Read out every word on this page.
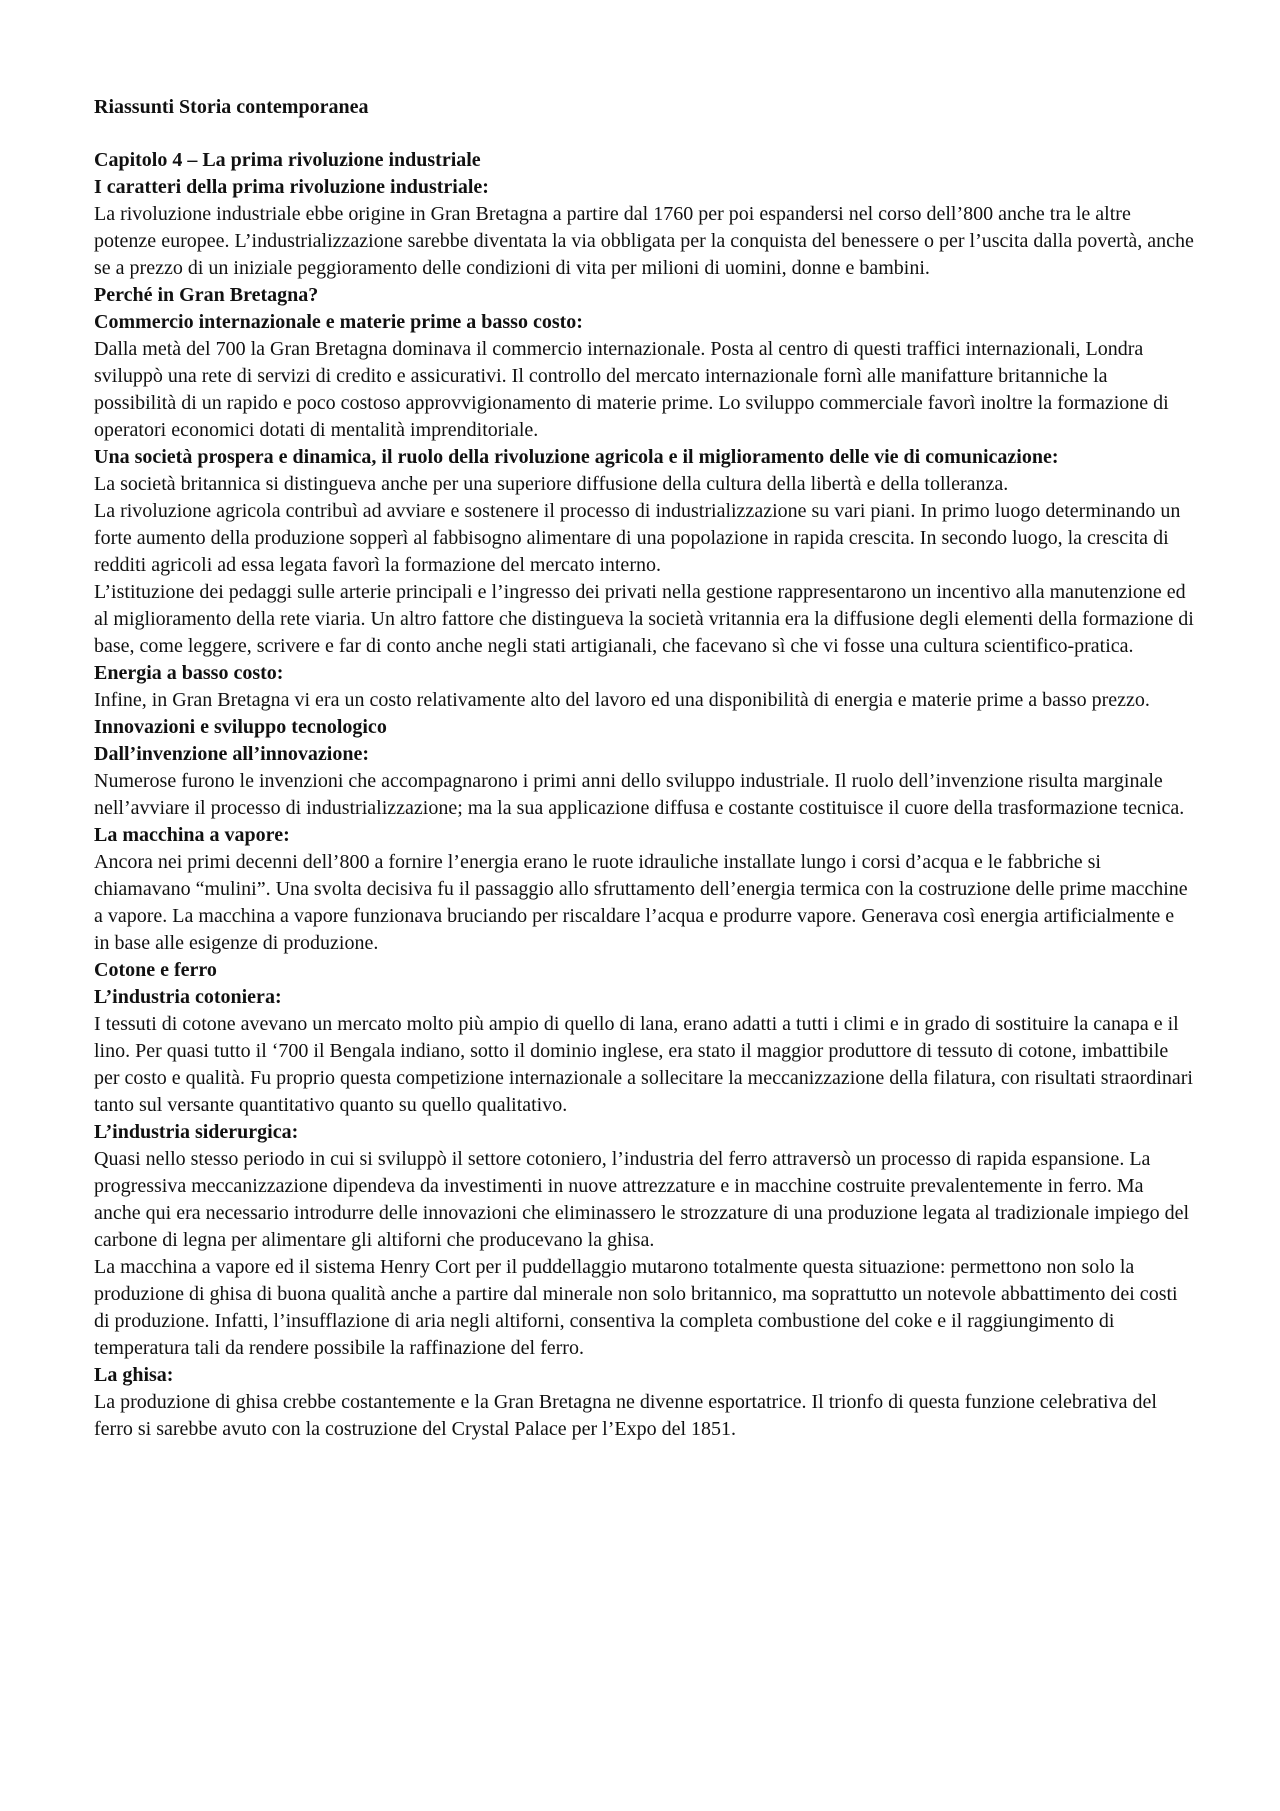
Riassunti Storia contemporanea

Capitolo 4 – La prima rivoluzione industriale

I caratteri della prima rivoluzione industriale:

La rivoluzione industriale ebbe origine in Gran Bretagna a partire dal 1760 per poi espandersi nel corso dell’800 anche tra le altre potenze europee. L’industrializzazione sarebbe diventata la via obbligata per la conquista del benessere o per l’uscita dalla povertà, anche se a prezzo di un iniziale peggioramento delle condizioni di vita per milioni di uomini, donne e bambini.

Perché in Gran Bretagna?

Commercio internazionale e materie prime a basso costo:

Dalla metà del 700 la Gran Bretagna dominava il commercio internazionale. Posta al centro di questi traffici internazionali, Londra sviluppò una rete di servizi di credito e assicurativi. Il controllo del mercato internazionale fornì alle manifatture britanniche la possibilità di un rapido e poco costoso approvvigionamento di materie prime. Lo sviluppo commerciale favorì inoltre la formazione di operatori economici dotati di mentalità imprenditoriale.

Una società prospera e dinamica, il ruolo della rivoluzione agricola e il miglioramento delle vie di comunicazione:

La società britannica si distingueva anche per una superiore diffusione della cultura della libertà e della tolleranza.

La rivoluzione agricola contribuì ad avviare e sostenere il processo di industrializzazione su vari piani. In primo luogo determinando un forte aumento della produzione sopperì al fabbisogno alimentare di una popolazione in rapida crescita. In secondo luogo, la crescita di redditi agricoli ad essa legata favorì la formazione del mercato interno.

L’istituzione dei pedaggi sulle arterie principali e l’ingresso dei privati nella gestione rappresentarono un incentivo alla manutenzione ed al miglioramento della rete viaria. Un altro fattore che distingueva la società vritannia era la diffusione degli elementi della formazione di base, come leggere, scrivere e far di conto anche negli stati artigianali, che facevano sì che vi fosse una cultura scientifico-pratica.

Energia a basso costo:

Infine, in Gran Bretagna vi era un costo relativamente alto del lavoro ed una disponibilità di energia e materie prime a basso prezzo.

Innovazioni e sviluppo tecnologico

Dall’invenzione all’innovazione:

Numerose furono le invenzioni che accompagnarono i primi anni dello sviluppo industriale. Il ruolo dell’invenzione risulta marginale nell’avviare il processo di industrializzazione; ma la sua applicazione diffusa e costante costituisce il cuore della trasformazione tecnica.

La macchina a vapore:

Ancora nei primi decenni dell’800 a fornire l’energia erano le ruote idrauliche installate lungo i corsi d’acqua e le fabbriche si chiamavano “mulini”. Una svolta decisiva fu il passaggio allo sfruttamento dell’energia termica con la costruzione delle prime macchine a vapore. La macchina a vapore funzionava bruciando per riscaldare l’acqua e produrre vapore. Generava così energia artificialmente e in base alle esigenze di produzione.

Cotone e ferro

L’industria cotoniera:

I tessuti di cotone avevano un mercato molto più ampio di quello di lana, erano adatti a tutti i climi e in grado di sostituire la canapa e il lino. Per quasi tutto il ‘700 il Bengala indiano, sotto il dominio inglese, era stato il maggior produttore di tessuto di cotone, imbattibile per costo e qualità. Fu proprio questa competizione internazionale a sollecitare la meccanizzazione della filatura, con risultati straordinari tanto sul versante quantitativo quanto su quello qualitativo.

L’industria siderurgica:

Quasi nello stesso periodo in cui si sviluppò il settore cotoniero, l’industria del ferro attraversò un processo di rapida espansione. La progressiva meccanizzazione dipendeva da investimenti in nuove attrezzature e in macchine costruite prevalentemente in ferro. Ma anche qui era necessario introdurre delle innovazioni che eliminassero le strozzature di una produzione legata al tradizionale impiego del carbone di legna per alimentare gli altiforni che producevano la ghisa.

La macchina a vapore ed il sistema Henry Cort per il puddellaggio mutarono totalmente questa situazione: permettono non solo la produzione di ghisa di buona qualità anche a partire dal minerale non solo britannico, ma soprattutto un notevole abbattimento dei costi di produzione. Infatti, l’insufflazione di aria negli altiforni, consentiva la completa combustione del coke e il raggiungimento di temperatura tali da rendere possibile la raffinazione del ferro.

La ghisa:

La produzione di ghisa crebbe costantemente e la Gran Bretagna ne divenne esportatrice. Il trionfo di questa funzione celebrativa del ferro si sarebbe avuto con la costruzione del Crystal Palace per l’Expo del 1851.
